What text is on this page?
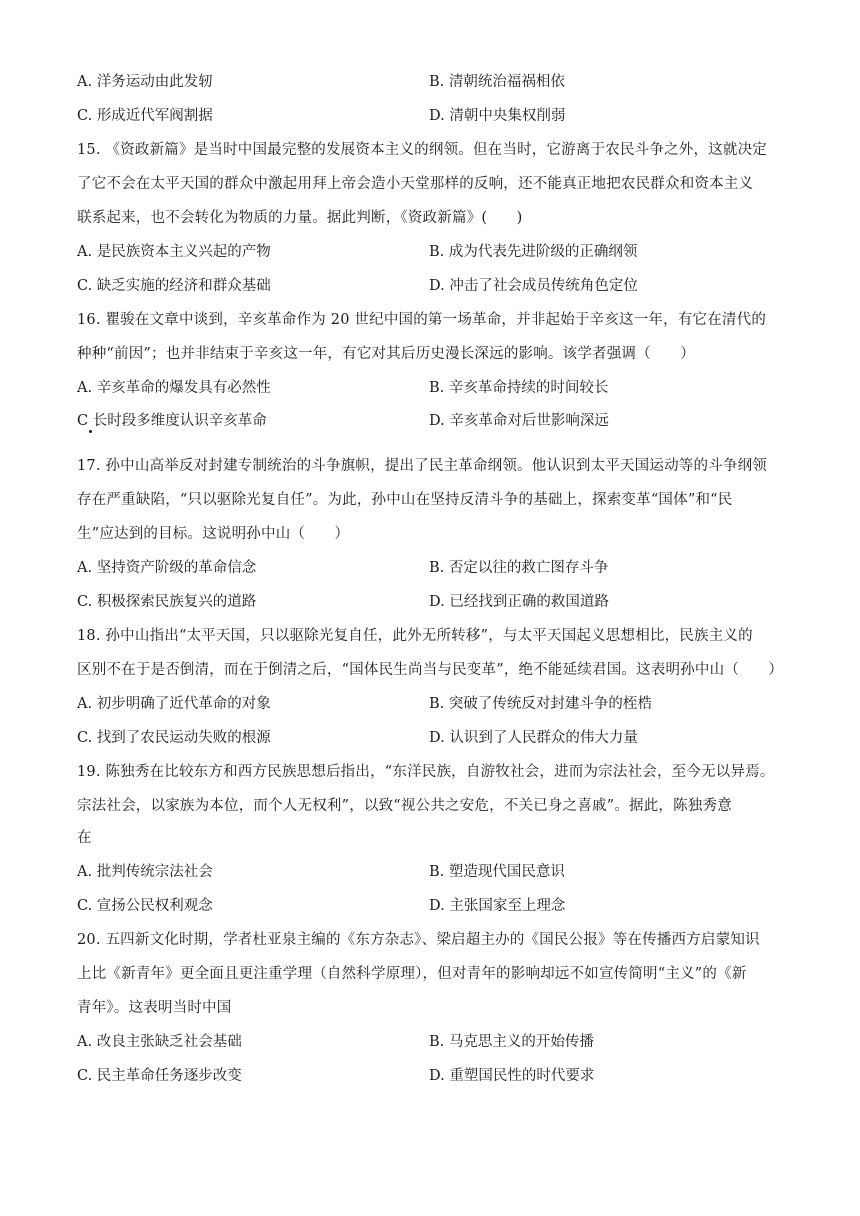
A. 洋务运动由此发轫	B. 清朝统治福祸相依
C. 形成近代军阀割据	D. 清朝中央集权削弱
15. 《资政新篇》是当时中国最完整的发展资本主义的纲领。但在当时，它游离于农民斗争之外，这就决定
了它不会在太平天国的群众中激起用拜上帝会造小天堂那样的反响，还不能真正地把农民群众和资本主义
联系起来，也不会转化为物质的力量。据此判断，《资政新篇》(　　)
A. 是民族资本主义兴起的产物	B. 成为代表先进阶级的正确纲领
C. 缺乏实施的经济和群众基础	D. 冲击了社会成员传统角色定位
16. 瞿骏在文章中谈到，辛亥革命作为 20 世纪中国的第一场革命，并非起始于辛亥这一年，有它在清代的
种种“前因”；也并非结束于辛亥这一年，有它对其后历史漫长深远的影响。该学者强调（　　）
A. 辛亥革命的爆发具有必然性	B. 辛亥革命持续的时间较长
C 长时段多维度认识辛亥革命	D. 辛亥革命对后世影响深远
17. 孙中山高举反对封建专制统治的斗争旗帜，提出了民主革命纲领。他认识到太平天国运动等的斗争纲领
存在严重缺陷，“只以驱除光复自任”。为此，孙中山在坚持反清斗争的基础上，探索变革“国体”和“民
生”应达到的目标。这说明孙中山（　　）
A. 坚持资产阶级的革命信念	B. 否定以往的救亡图存斗争
C. 积极探索民族复兴的道路	D. 已经找到正确的救国道路
18. 孙中山指出“太平天国，只以驱除光复自任，此外无所转移”，与太平天国起义思想相比，民族主义的
区别不在于是否倒清，而在于倒清之后，“国体民生尚当与民变革”，绝不能延续君国。这表明孙中山（　　）
A. 初步明确了近代革命的对象	B. 突破了传统反对封建斗争的桎梏
C. 找到了农民运动失败的根源	D. 认识到了人民群众的伟大力量
19. 陈独秀在比较东方和西方民族思想后指出，“东洋民族，自游牧社会，进而为宗法社会，至今无以异焉。
宗法社会，以家族为本位，而个人无权利”，以致“视公共之安危，不关已身之喜戚”。据此，陈独秀意
在
A. 批判传统宗法社会	B. 塑造现代国民意识
C. 宣扬公民权利观念	D. 主张国家至上理念
20. 五四新文化时期，学者杜亚泉主编的《东方杂志》、梁启超主办的《国民公报》等在传播西方启蒙知识
上比《新青年》更全面且更注重学理（自然科学原理），但对青年的影响却远不如宣传简明“主义”的《新
青年》。这表明当时中国
A. 改良主张缺乏社会基础	B. 马克思主义的开始传播
C. 民主革命任务逐步改变	D. 重塑国民性的时代要求
